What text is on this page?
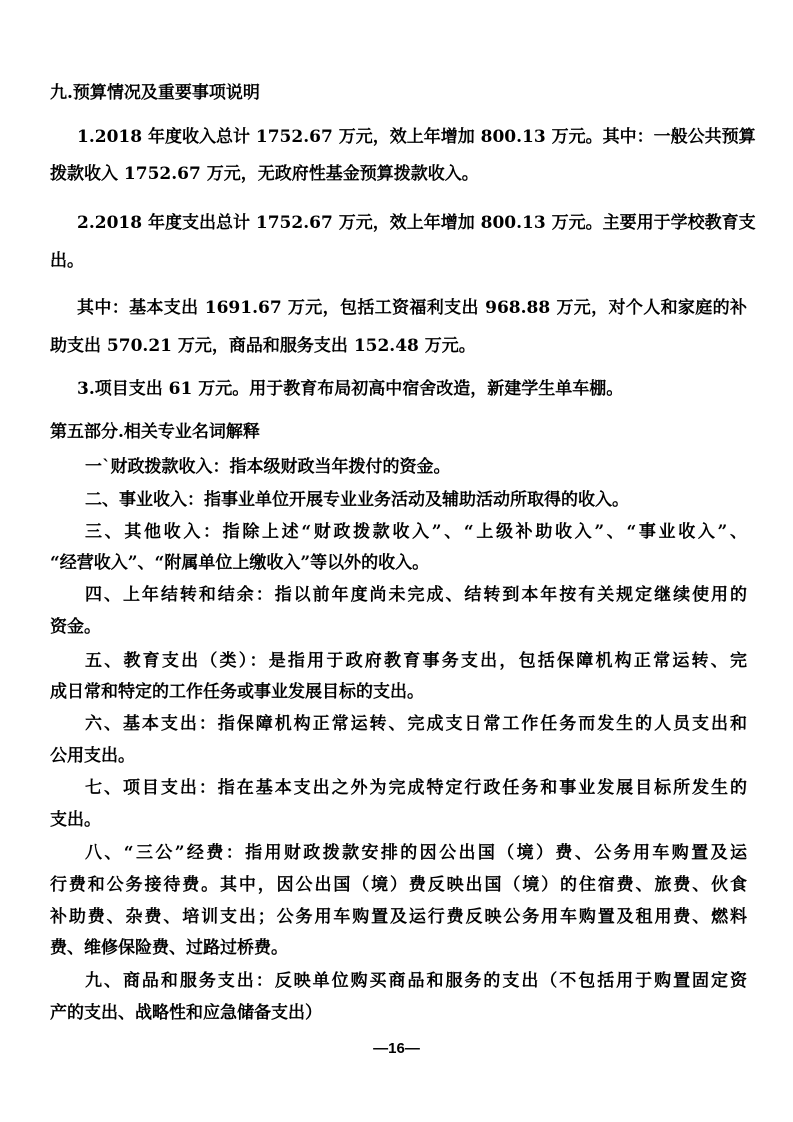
九.预算情况及重要事项说明
1.2018 年度收入总计 1752.67 万元，效上年增加 800.13 万元。其中：一般公共预算
拨款收入 1752.67 万元，无政府性基金预算拨款收入。
2.2018 年度支出总计 1752.67 万元，效上年增加 800.13 万元。主要用于学校教育支
出。
其中：基本支出 1691.67 万元，包括工资福利支出 968.88 万元，对个人和家庭的补
助支出 570.21 万元，商品和服务支出 152.48 万元。
3.项目支出 61 万元。用于教育布局初高中宿舍改造，新建学生单车棚。
第五部分.相关专业名词解释
一`财政拨款收入：指本级财政当年拨付的资金。
二、事业收入：指事业单位开展专业业务活动及辅助活动所取得的收入。
三、其他收入：指除上述“财政拨款收入”、“上级补助收入”、“事业收入”、
“经营收入”、“附属单位上缴收入”等以外的收入。
四、上年结转和结余：指以前年度尚未完成、结转到本年按有关规定继续使用的
资金。
五、教育支出（类）：是指用于政府教育事务支出，包括保障机构正常运转、完
成日常和特定的工作任务或事业发展目标的支出。
六、基本支出：指保障机构正常运转、完成支日常工作任务而发生的人员支出和
公用支出。
七、项目支出：指在基本支出之外为完成特定行政任务和事业发展目标所发生的
支出。
八、“三公”经费：指用财政拨款安排的因公出国（境）费、公务用车购置及运
行费和公务接待费。其中，因公出国（境）费反映出国（境）的住宿费、旅费、伙食
补助费、杂费、培训支出；公务用车购置及运行费反映公务用车购置及租用费、燃料
费、维修保险费、过路过桥费。
九、商品和服务支出：反映单位购买商品和服务的支出（不包括用于购置固定资
产的支出、战略性和应急储备支出）
—16—
